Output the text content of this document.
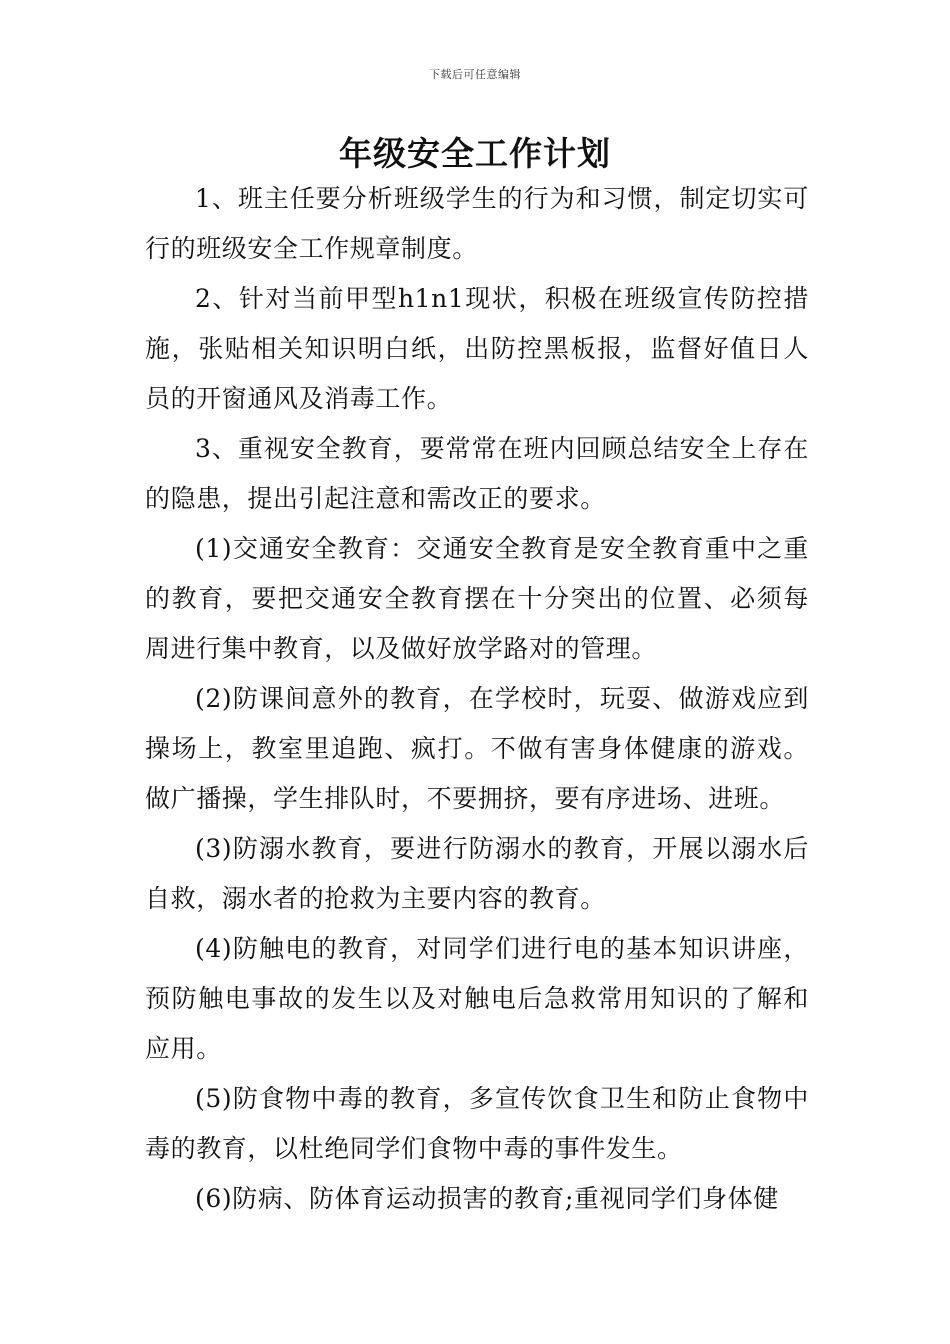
下载后可任意编辑
年级安全工作计划

1、班主任要分析班级学生的行为和习惯，制定切实可行的班级安全工作规章制度。

2、针对当前甲型h1n1现状，积极在班级宣传防控措施，张贴相关知识明白纸，出防控黑板报，监督好值日人员的开窗通风及消毒工作。

3、重视安全教育，要常常在班内回顾总结安全上存在的隐患，提出引起注意和需改正的要求。

(1)交通安全教育：交通安全教育是安全教育重中之重的教育，要把交通安全教育摆在十分突出的位置、必须每周进行集中教育，以及做好放学路对的管理。

(2)防课间意外的教育，在学校时，玩耍、做游戏应到操场上，教室里追跑、疯打。不做有害身体健康的游戏。做广播操，学生排队时，不要拥挤，要有序进场、进班。

(3)防溺水教育，要进行防溺水的教育，开展以溺水后自救，溺水者的抢救为主要内容的教育。

(4)防触电的教育，对同学们进行电的基本知识讲座，预防触电事故的发生以及对触电后急救常用知识的了解和应用。

(5)防食物中毒的教育，多宣传饮食卫生和防止食物中毒的教育，以杜绝同学们食物中毒的事件发生。

(6)防病、防体育运动损害的教育;重视同学们身体健
